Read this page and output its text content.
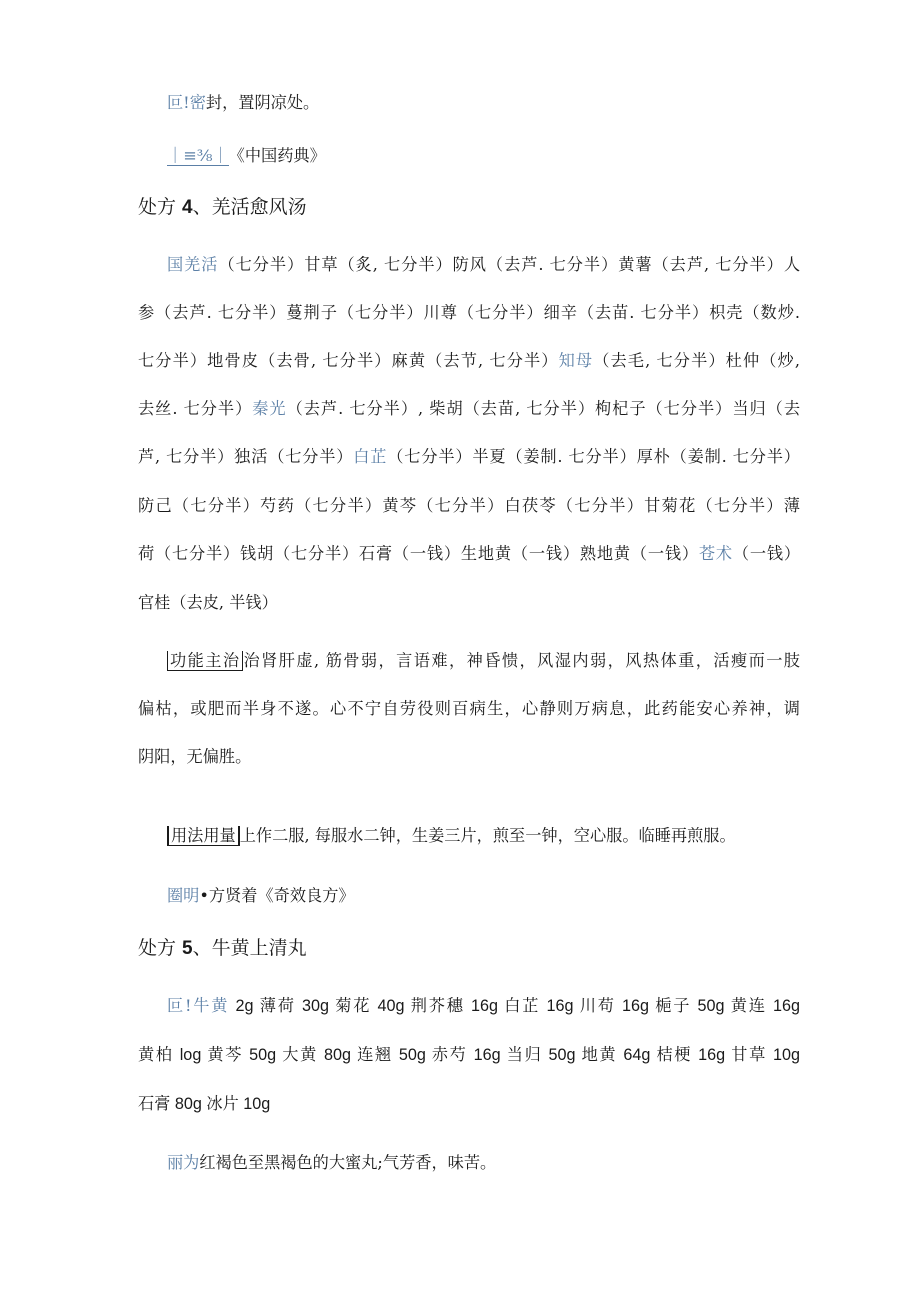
叵!密封，置阴凉处。
｜≡⅜｜《中国药典》
处方 4、羌活愈风汤
国羌活（七分半）甘草（炙, 七分半）防风（去芦. 七分半）黄薯（去芦, 七分半）人
参（去芦. 七分半）蔓荆子（七分半）川尊（七分半）细辛（去苗. 七分半）枳壳（数炒.
七分半）地骨皮（去骨, 七分半）麻黄（去节, 七分半）知母（去毛, 七分半）杜仲（炒,
去丝. 七分半）秦光（去芦. 七分半）, 柴胡（去苗, 七分半）枸杞子（七分半）当归（去
芦, 七分半）独活（七分半）白芷（七分半）半夏（姜制. 七分半）厚朴（姜制. 七分半）
防己（七分半）芍药（七分半）黄芩（七分半）白茯苓（七分半）甘菊花（七分半）薄
荷（七分半）钱胡（七分半）石膏（一钱）生地黄（一钱）熟地黄（一钱）苍术（一钱）
官桂（去皮, 半钱）
功能主治 治肾肝虚, 筋骨弱，言语难，神昏愦，风湿内弱，风热体重，活瘦而一肢
偏枯，或肥而半身不遂。心不宁自劳役则百病生，心静则万病息，此药能安心养神，调
阴阳，无偏胜。
用法用量 上作二服, 每服水二钟，生姜三片，煎至一钟，空心服。临睡再煎服。
圈明•方贤着《奇效良方》
处方 5、牛黄上清丸
叵!牛黄 2g 薄荷 30g 菊花 40g 荆芥穗 16g 白芷 16g 川苟 16g 梔子 50g 黄连 16g
黄柏 log 黄芩 50g 大黄 80g 连翘 50g 赤芍 16g 当归 50g 地黄 64g 桔梗 16g 甘草 10g
石膏 80g 冰片 10g
丽为红褐色至黑褐色的大蜜丸;气芳香，味苦。
